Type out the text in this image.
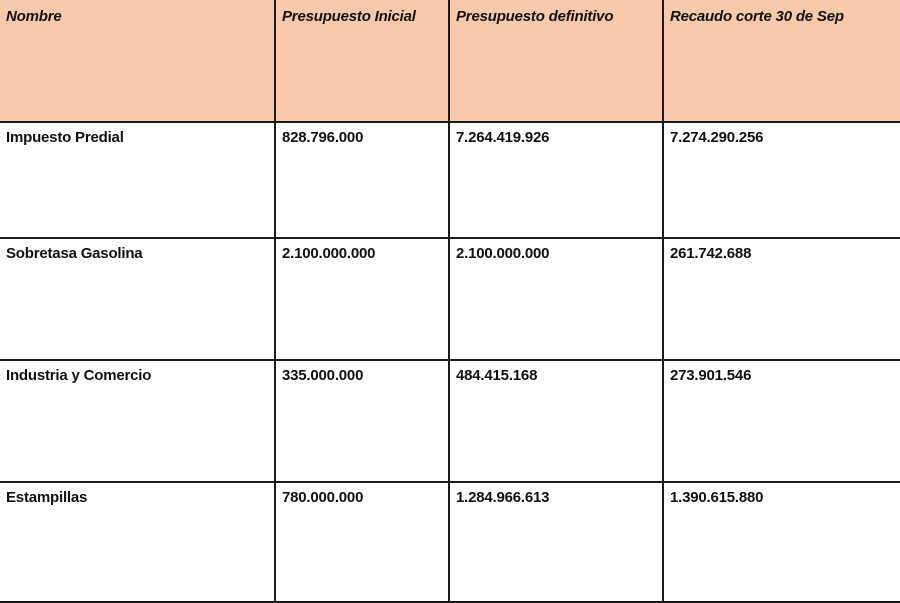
Nombre	Presupuesto Inicial	Presupuesto definitivo	Recaudo corte 30 de Sep
Impuesto Predial	828.796.000	7.264.419.926	7.274.290.256
Sobretasa Gasolina	2.100.000.000	2.100.000.000	261.742.688
Industria y Comercio	335.000.000	484.415.168	273.901.546
Estampillas	780.000.000	1.284.966.613	1.390.615.880
